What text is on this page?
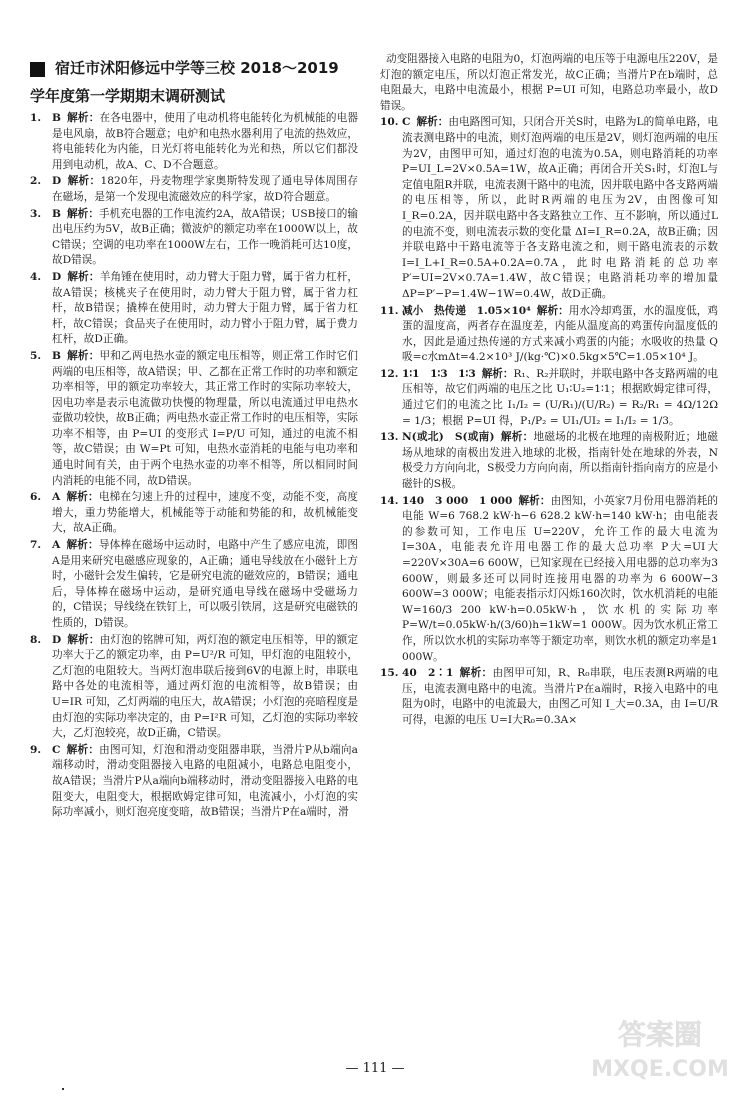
宿迁市沭阳修远中学等三校 2018～2019
学年度第一学期期末调研测试
1.	B 解析：在各电器中，使用了电动机将电能转化为机械能的电器是电风扇，故B符合题意；电炉和电热水器利用了电流的热效应，将电能转化为内能，日光灯将电能转化为光和热，所以它们都没用到电动机，故A、C、D不合题意。
2.	D 解析：1820年，丹麦物理学家奥斯特发现了通电导体周围存在磁场，是第一个发现电流磁效应的科学家，故D符合题意。
3.	B 解析：手机充电器的工作电流约2A，故A错误；USB接口的输出电压约为5V，故B正确；微波炉的额定功率在1000W以上，故C错误；空调的电功率在1000W左右，工作一晚消耗可达10度，故D错误。
4.	D 解析：羊角锤在使用时，动力臂大于阻力臂，属于省力杠杆，故A错误；核桃夹子在使用时，动力臂大于阻力臂，属于省力杠杆，故B错误；撬棒在使用时，动力臂大于阻力臂，属于省力杠杆，故C错误；食品夹子在使用时，动力臂小于阻力臂，属于费力杠杆，故D正确。
5.	B 解析：甲和乙两电热水壶的额定电压相等，则正常工作时它们两端的电压相等，故A错误；甲、乙都在正常工作时的功率和额定功率相等，甲的额定功率较大，其正常工作时的实际功率较大，因电功率是表示电流做功快慢的物理量，所以电流通过甲电热水壶做功较快，故B正确；两电热水壶正常工作时的电压相等，实际功率不相等，由 P=UI 的变形式 I=P/U 可知，通过的电流不相等，故C错误；由 W=Pt 可知，电热水壶消耗的电能与电功率和通电时间有关，由于两个电热水壶的功率不相等，所以相同时间内消耗的电能不同，故D错误。
6.	A 解析：电梯在匀速上升的过程中，速度不变，动能不变，高度增大，重力势能增大，机械能等于动能和势能的和，故机械能变大，故A正确。
7.	A 解析：导体棒在磁场中运动时，电路中产生了感应电流，即图A是用来研究电磁感应现象的，A正确；通电导线放在小磁针上方时，小磁针会发生偏转，它是研究电流的磁效应的，B错误；通电后，导体棒在磁场中运动，是研究通电导线在磁场中受磁场力的，C错误；导线绕在铁钉上，可以吸引铁屑，这是研究电磁铁的性质的，D错误。
8.	D 解析：由灯泡的铭牌可知，两灯泡的额定电压相等，甲的额定功率大于乙的额定功率，由 P=U²/R 可知，甲灯泡的电阻较小，乙灯泡的电阻较大。当两灯泡串联后接到6V的电源上时，串联电路中各处的电流相等，通过两灯泡的电流相等，故B错误；由 U=IR 可知，乙灯两端的电压大，故A错误；小灯泡的亮暗程度是由灯泡的实际功率决定的，由 P=I²R 可知，乙灯泡的实际功率较大，乙灯泡较亮，故D正确，C错误。
9.	C 解析：由图可知，灯泡和滑动变阻器串联，当滑片P从b端向a端移动时，滑动变阻器接入电路的电阻减小，电路总电阻变小，故A错误；当滑片P从a端向b端移动时，滑动变阻器接入电路的电阻变大，电阻变大，根据欧姆定律可知，电流减小，小灯泡的实际功率减小，则灯泡亮度变暗，故B错误；当滑片P在a端时，滑
动变阻器接入电路的电阻为0，灯泡两端的电压等于电源电压220V，是灯泡的额定电压，所以灯泡正常发光，故C正确；当滑片P在b端时，总电阻最大，电路中电流最小，根据 P=UI 可知，电路总功率最小，故D错误。
10. C 解析：由电路图可知，只闭合开关S时，电路为L的简单电路，电流表测电路中的电流，则灯泡两端的电压是2V，则灯泡两端的电压为2V，由图甲可知，通过灯泡的电流为0.5A，则电路消耗的功率 P=UI_L=2V×0.5A=1W，故A正确；再闭合开关S₁时，灯泡L与定值电阻R并联，电流表测干路中的电流，因并联电路中各支路两端的电压相等，所以，此时R两端的电压为2V，由图像可知 I_R=0.2A，因并联电路中各支路独立工作、互不影响，所以通过L的电流不变，则电流表示数的变化量 ΔI=I_R=0.2A，故B正确；因并联电路中干路电流等于各支路电流之和，则干路电流表的示数 I=I_L+I_R=0.5A+0.2A=0.7A，此时电路消耗的总功率 P′=UI=2V×0.7A=1.4W，故C错误；电路消耗功率的增加量 ΔP=P′−P=1.4W−1W=0.4W，故D正确。
11. 减小　热传递　1.05×10⁴ 解析：用水冷却鸡蛋，水的温度低，鸡蛋的温度高，两者存在温度差，内能从温度高的鸡蛋传向温度低的水，因此是通过热传递的方式来减小鸡蛋的内能；水吸收的热量 Q吸=c水mΔt=4.2×10³ J/(kg·℃)×0.5kg×5℃=1.05×10⁴ J。
12. 1∶1　1∶3　1∶3 解析：R₁、R₂并联时，并联电路中各支路两端的电压相等，故它们两端的电压之比 U₁∶U₂=1∶1；根据欧姆定律可得，通过它们的电流之比 I₁/I₂ = (U/R₁)/(U/R₂) = R₂/R₁ = 4Ω/12Ω = 1/3；根据 P=UI 得，P₁/P₂ = UI₁/UI₂ = I₁/I₂ = 1/3。
13. N(或北)　S(或南) 解析：地磁场的北极在地理的南极附近；地磁场从地球的南极出发进入地球的北极，指南针处在地球的外表，N极受力方向向北，S极受力方向向南，所以指南针指向南方的应是小磁针的S极。
14. 140　3 000　1 000 解析：由图知，小英家7月份用电器消耗的电能 W=6 768.2 kW·h−6 628.2 kW·h=140 kW·h；由电能表的参数可知，工作电压 U=220V，允许工作的最大电流为 I=30A，电能表允许用电器工作的最大总功率 P大=UI大=220V×30A=6 600W，已知家现在已经接入用电器的总功率为3 600W，则最多还可以同时连接用电器的功率为 6 600W−3 600W=3 000W；电能表指示灯闪烁160次时，饮水机消耗的电能 W=160/3 200 kW·h=0.05kW·h，饮水机的实际功率 P=W/t=0.05kW·h/(3/60)h=1kW=1 000W。因为饮水机正常工作，所以饮水机的实际功率等于额定功率，则饮水机的额定功率是1 000W。
15. 40　2∶1 解析：由图甲可知，R、R₀串联，电压表测R两端的电压，电流表测电路中的电流。当滑片P在a端时，R接入电路中的电阻为0时，电路中的电流最大，由图乙可知 I_大=0.3A，由 I=U/R 可得，电源的电压 U=I大R₀=0.3A×
— 111 —
答案圈
MXQE.COM
